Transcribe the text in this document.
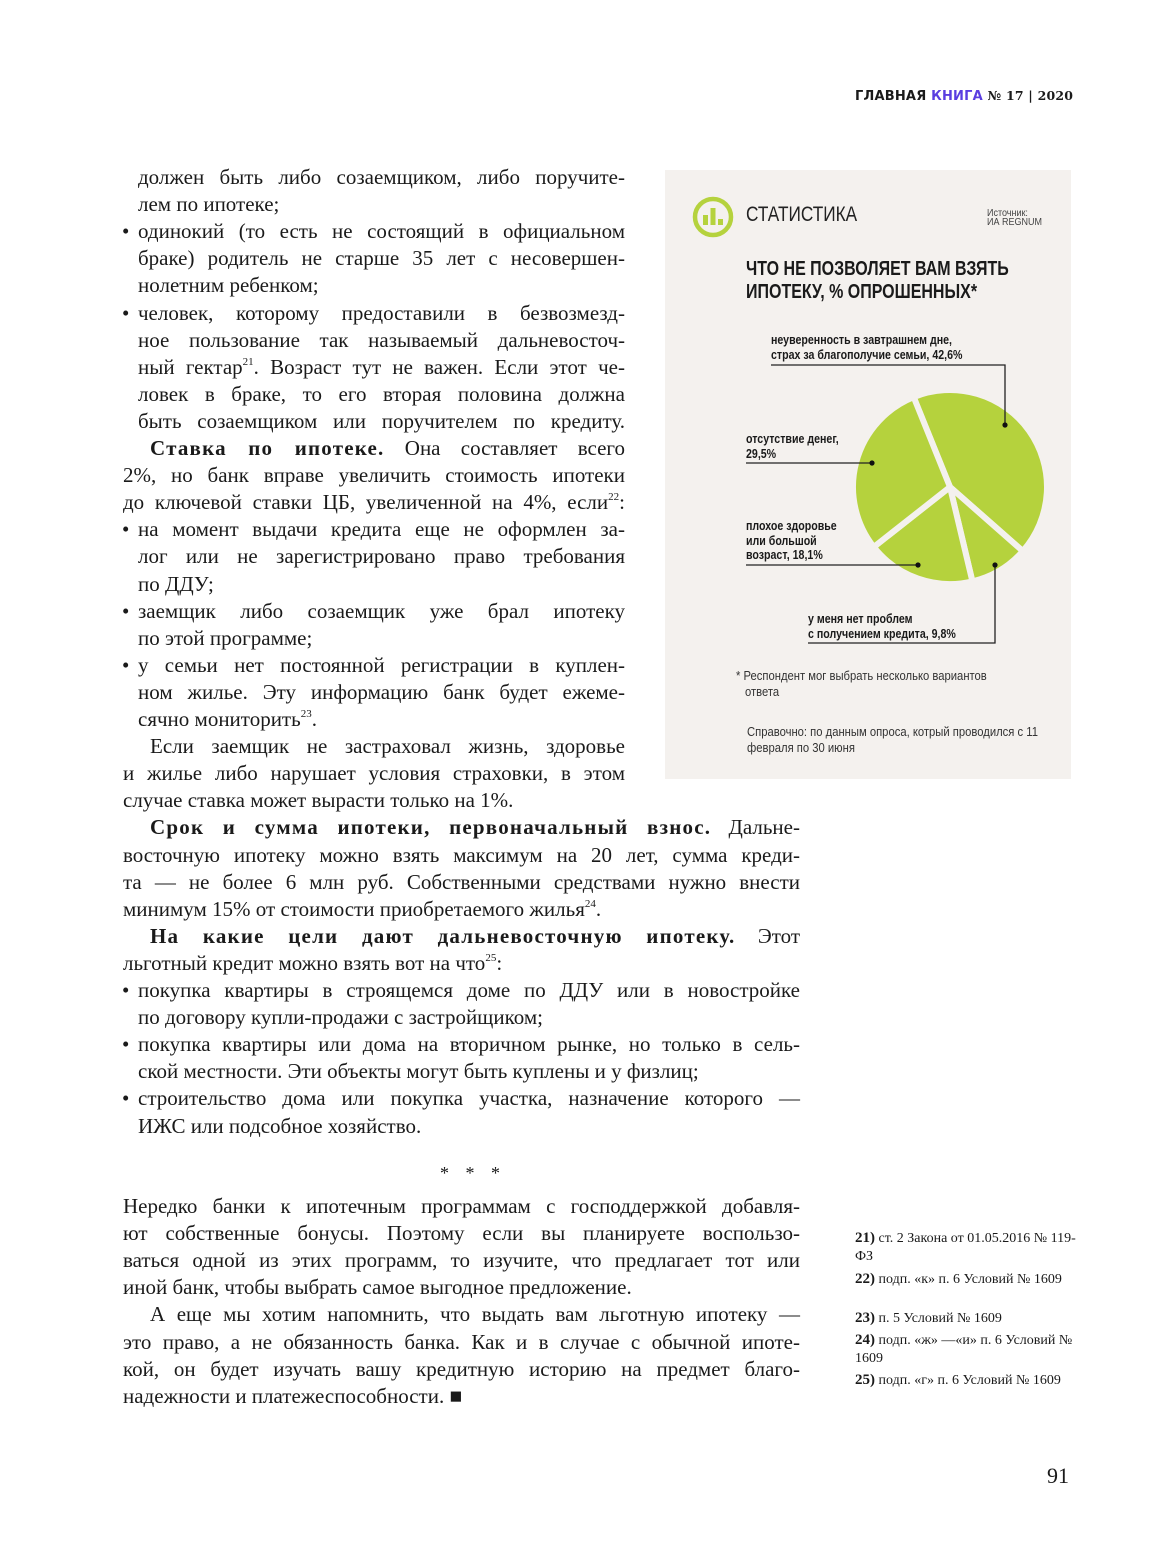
ГЛАВНАЯ КНИГА № 17 | 2020
должен быть либо созаемщиком, либо поручите-
лем по ипотеке;
одинокий (то есть не состоящий в официальном
•
браке) родитель не старше 35 лет с несовершен-
нолетним ребенком;
человек, которому предоставили в безвозмезд-
•
ное пользование так называемый дальневосточ-
ный гектар$^{21}$. Возраст тут не важен. Если этот че-
ловек в браке, то его вторая половина должна
быть созаемщиком или поручителем по кредиту.
Ставка по ипотеке. Она составляет всего
2%, но банк вправе увеличить стоимость ипотеки
до ключевой ставки ЦБ, увеличенной на 4%, если$^{22}$:
на момент выдачи кредита еще не оформлен за-
•
лог или не зарегистрировано право требования
по ДДУ;
заемщик либо созаемщик уже брал ипотеку
•
по этой программе;
у семьи нет постоянной регистрации в куплен-
•
ном жилье. Эту информацию банк будет ежеме-
сячно мониторить$^{23}$.
Если заемщик не застраховал жизнь, здоровье
и жилье либо нарушает условия страховки, в этом
случае ставка может вырасти только на 1%.
Срок и сумма ипотеки, первоначальный взнос. Дальне-
восточную ипотеку можно взять максимум на 20 лет, сумма креди-
та — не более 6 млн руб. Собственными средствами нужно внести
минимум 15% от стоимости приобретаемого жилья$^{24}$.
На какие цели дают дальневосточную ипотеку. Этот
льготный кредит можно взять вот на что$^{25}$:
покупка квартиры в строящемся доме по ДДУ или в новостройке
•
по договору купли-продажи с застройщиком;
покупка квартиры или дома на вторичном рынке, но только в сель-
•
ской местности. Эти объекты могут быть куплены и у физлиц;
строительство дома или покупка участка, назначение которого —
•
ИЖС или подсобное хозяйство.
Нередко банки к ипотечным программам с господдержкой добавля-
ют собственные бонусы. Поэтому если вы планируете воспользо-
ваться одной из этих программ, то изучите, что предлагает тот или
иной банк, чтобы выбрать самое выгодное предложение.
А еще мы хотим напомнить, что выдать вам льготную ипотеку —
это право, а не обязанность банка. Как и в случае с обычной ипоте-
кой, он будет изучать вашу кредитную историю на предмет благо-
надежности и платежеспособности. ■
* * *
СТАТИСТИКА	Источник:
ИА REGNUM
ЧТО НЕ ПОЗВОЛЯЕТ ВАМ ВЗЯТЬ ИПОТЕКУ, % ОПРОШЕННЫХ*
неуверенность в завтрашнем дне,
страх за благополучие семьи, 42,6%
отсутствие денег,
29,5%
плохое здоровье
или большой
возраст, 18,1%
у меня нет проблем
с получением кредита, 9,8%
* Респондент мог выбрать несколько вариантов ответа
Справочно: по данным опроса, котрый проводился с 11 февраля по 30 июня
21) ст. 2 Закона от 01.05.2016 № 119-ФЗ
22) подп. «к» п. 6 Условий № 1609
23) п. 5 Условий № 1609
24) подп. «ж» —«и» п. 6 Условий № 1609
25) подп. «г» п. 6 Условий № 1609
91
